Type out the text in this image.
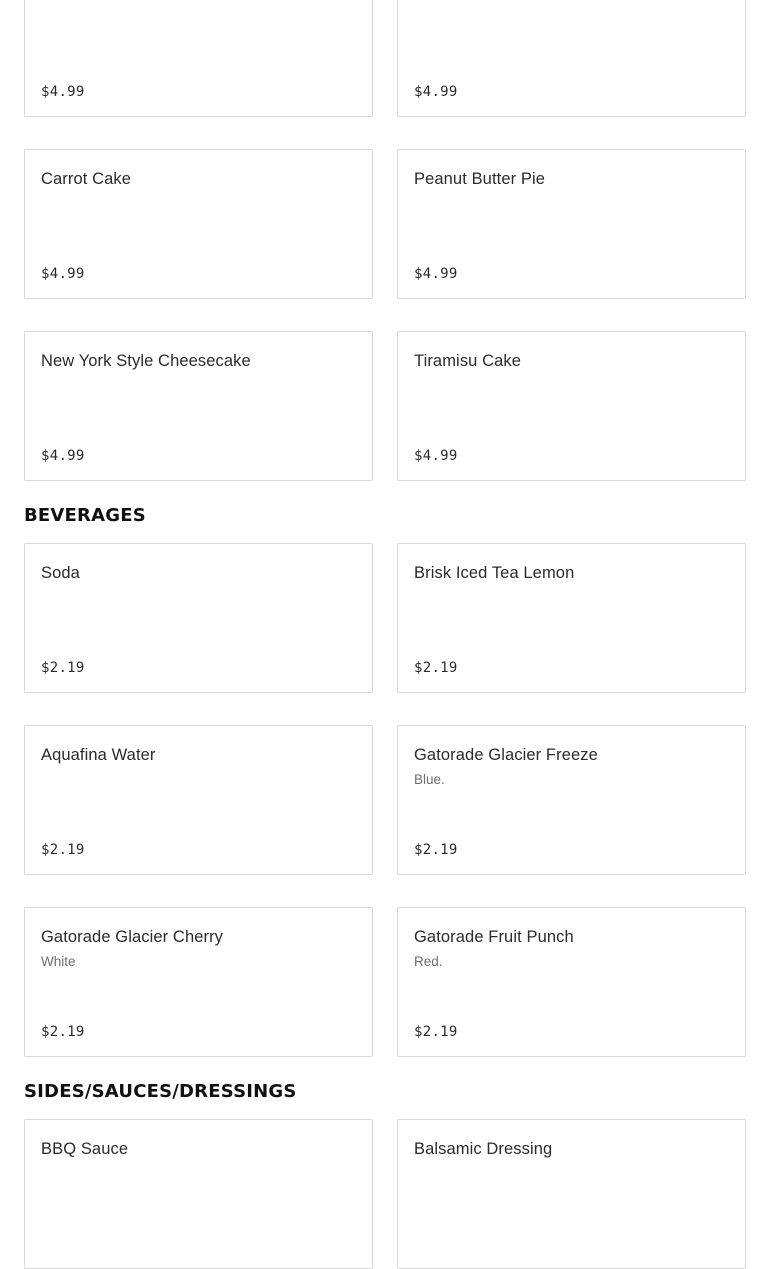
$4.99	$4.99
Carrot Cake
$4.99
Peanut Butter Pie
$4.99
New York Style Cheesecake
$4.99
Tiramisu Cake
$4.99
BEVERAGES
Soda
$2.19
Brisk Iced Tea Lemon
$2.19
Aquafina Water
$2.19
Gatorade Glacier Freeze
Blue.
$2.19
Gatorade Glacier Cherry
White
$2.19
Gatorade Fruit Punch
Red.
$2.19
SIDES/SAUCES/DRESSINGS
BBQ Sauce	Balsamic Dressing
